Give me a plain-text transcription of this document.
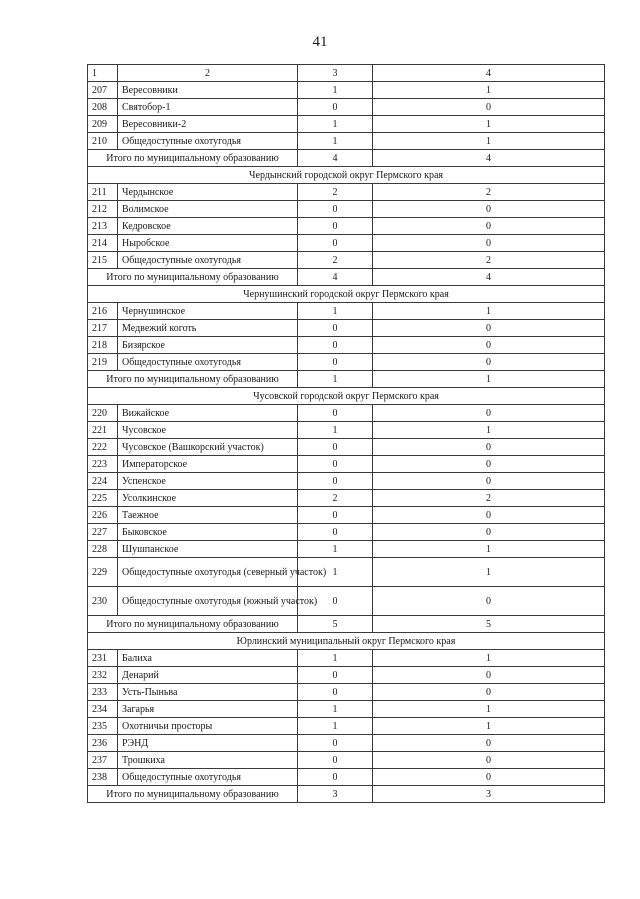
41
1	2	3	4
207	Вересовники	1	1
208	Святобор-1	0	0
209	Вересовники-2	1	1
210	Общедоступные охотугодья	1	1
Итого по муниципальному образованию		4	4
Чердынский городской округ Пермского края			
211	Чердынское	2	2
212	Волимское	0	0
213	Кедровское	0	0
214	Ныробское	0	0
215	Общедоступные охотугодья	2	2
Итого по муниципальному образованию		4	4
Чернушинский городской округ Пермского края			
216	Чернушинское	1	1
217	Медвежий коготь	0	0
218	Бизярское	0	0
219	Общедоступные охотугодья	0	0
Итого по муниципальному образованию		1	1
Чусовской городской округ Пермского края			
220	Вижайское	0	0
221	Чусовское	1	1
222	Чусовское (Вашкорский участок)	0	0
223	Императорское	0	0
224	Успенское	0	0
225	Усолкинское	2	2
226	Таежное	0	0
227	Быковское	0	0
228	Шушпанское	1	1
229	Общедоступные охотугодья (северный участок)	1	1
230	Общедоступные охотугодья (южный участок)	0	0
Итого по муниципальному образованию		5	5
Юрлинский муниципальный округ Пермского края			
231	Балиха	1	1
232	Денарий	0	0
233	Усть-Пыньва	0	0
234	Загарья	1	1
235	Охотничьи просторы	1	1
236	РЭНД	0	0
237	Трошкиха	0	0
238	Общедоступные охотугодья	0	0
Итого по муниципальному образованию		3	3
